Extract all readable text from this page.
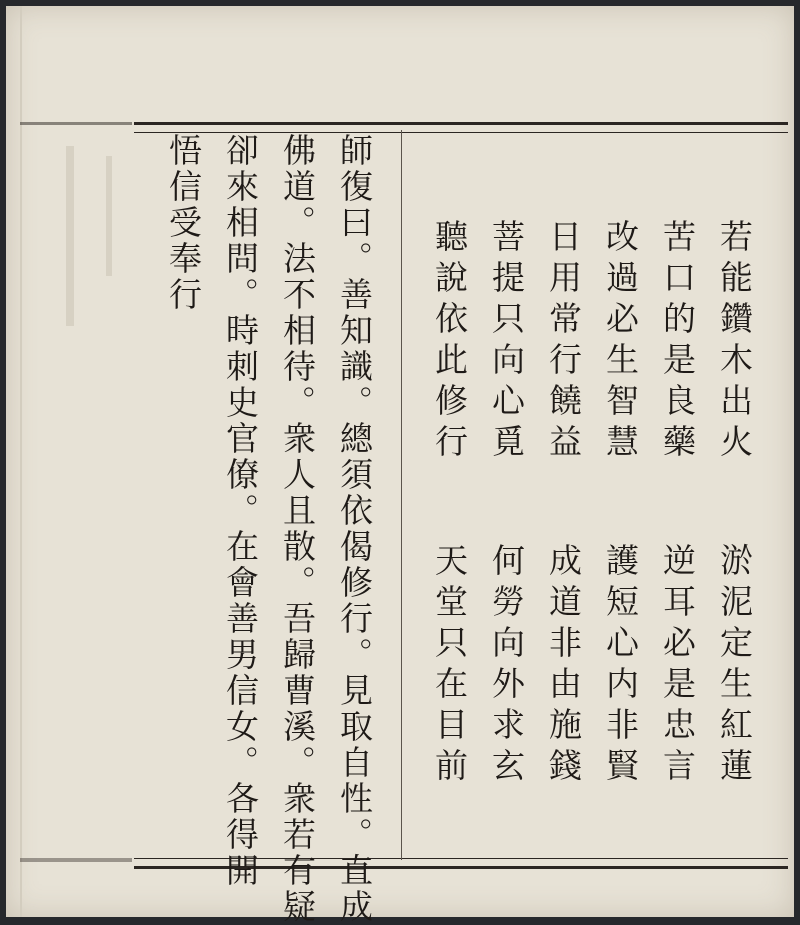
若能鑽木出火
苦口的是良藥
改過必生智慧
日用常行饒益
菩提只向心覓
聽說依此修行
淤泥定生紅蓮
逆耳必是忠言
護短心内非賢
成道非由施錢
何勞向外求玄
天堂只在目前
師復曰。善知識。總須依偈修行。見取自性。直成
佛道。法不相待。衆人且散。吾歸曹溪。衆若有疑
卻來相問。時刺史官僚。在會善男信女。各得開
悟信受奉行
